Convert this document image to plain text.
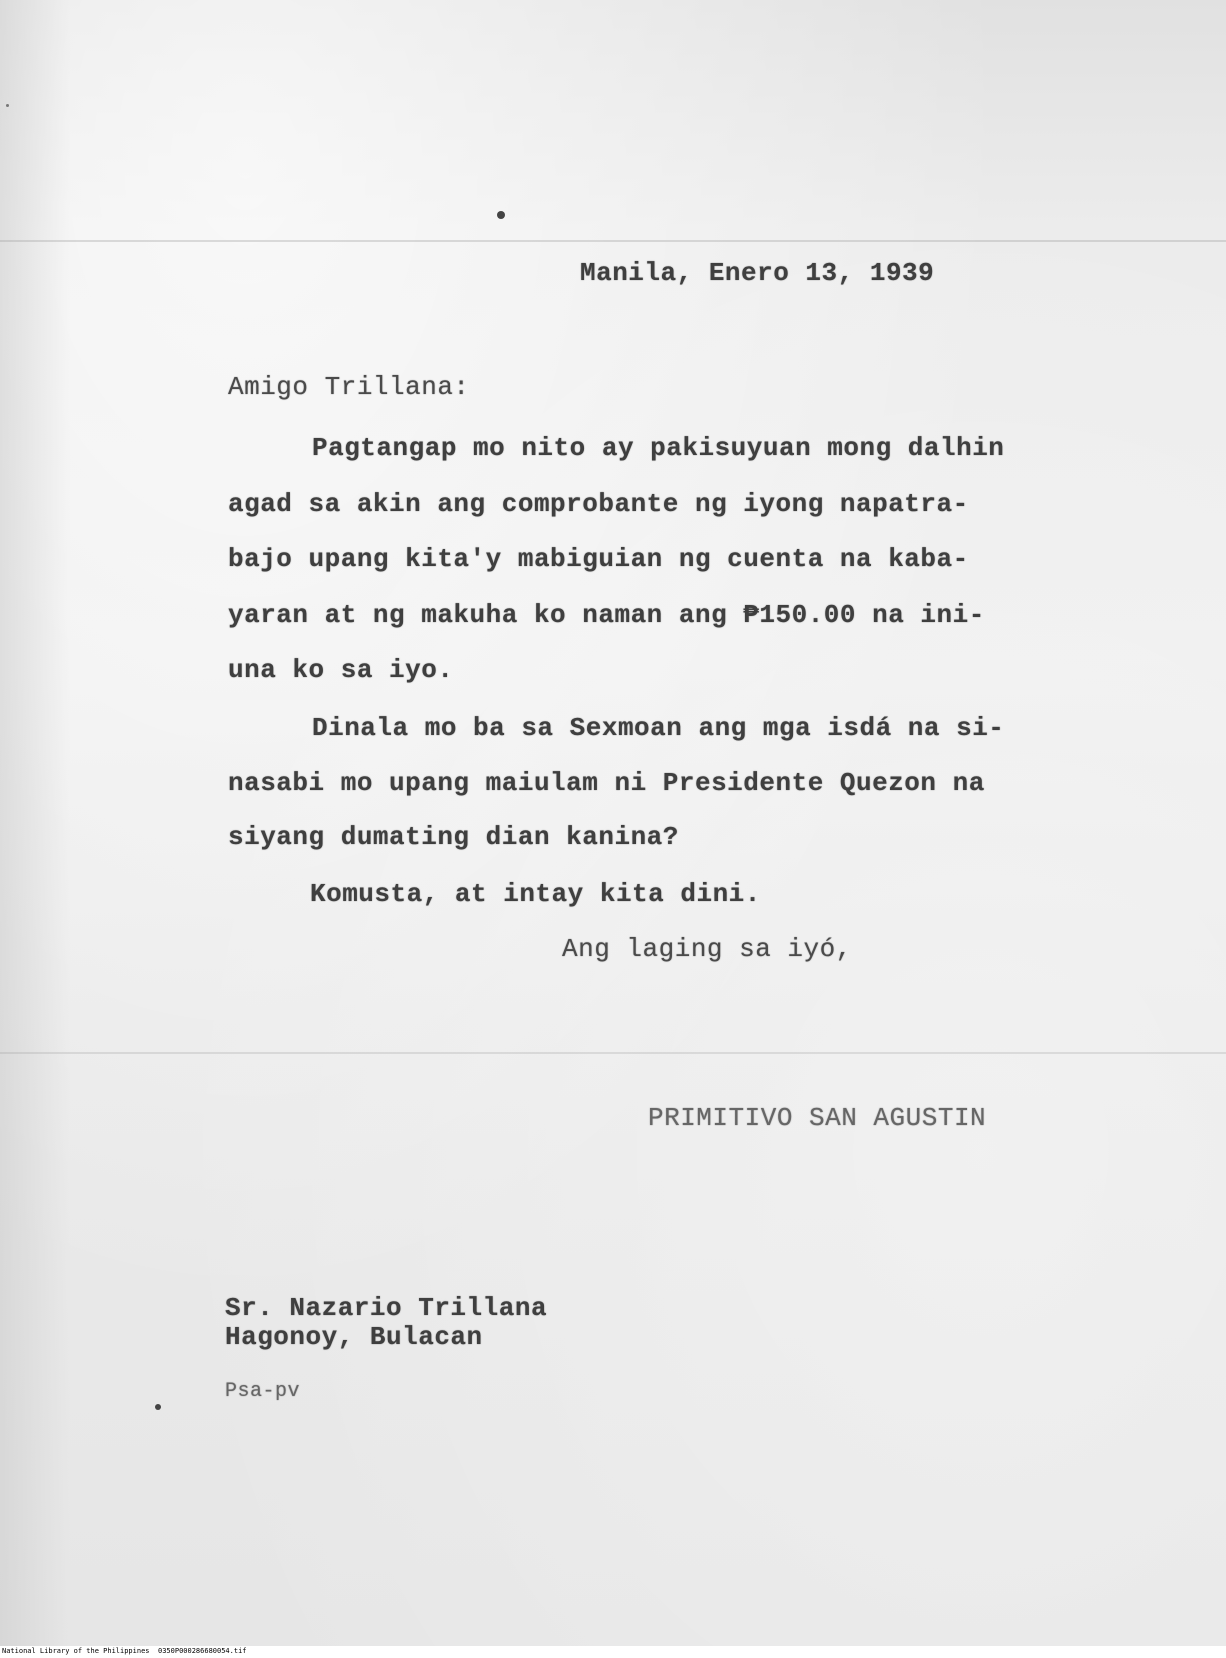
Manila, Enero 13, 1939

Amigo Trillana:

Pagtangap mo nito ay pakisuyuan mong dalhin

agad sa akin ang comprobante ng iyong napatra-

bajo upang kita'y mabiguian ng cuenta na kaba-

yaran at ng makuha ko naman ang ₱150.00 na ini-

una ko sa iyo.

Dinala mo ba sa Sexmoan ang mga isdá na si-

nasabi mo upang maiulam ni Presidente Quezon na

siyang dumating dian kanina?

Komusta, at intay kita dini.

Ang laging sa iyó,

PRIMITIVO SAN AGUSTIN

Sr. Nazario Trillana

Hagonoy, Bulacan

Psa-pv

National Library of the Philippines 0350P000286680054.tif
